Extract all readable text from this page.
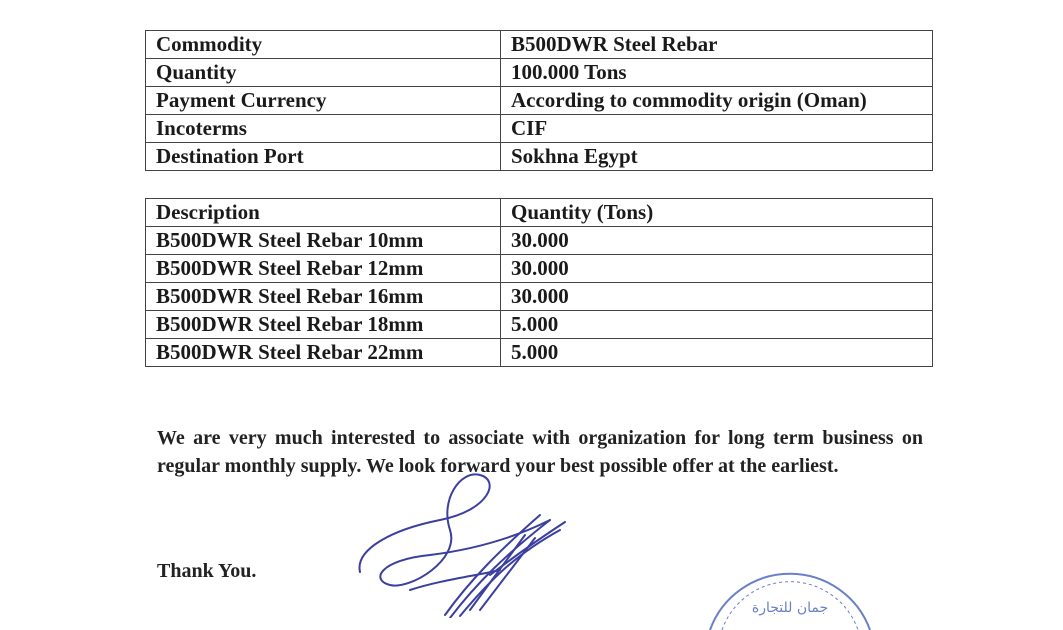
Commodity	B500DWR Steel Rebar
Quantity	100.000 Tons
Payment Currency	According to commodity origin (Oman)
Incoterms	CIF
Destination Port	Sokhna Egypt
Description	Quantity (Tons)
B500DWR Steel Rebar 10mm	30.000
B500DWR Steel Rebar 12mm	30.000
B500DWR Steel Rebar 16mm	30.000
B500DWR Steel Rebar 18mm	5.000
B500DWR Steel Rebar 22mm	5.000
We are very much interested to associate with organization for long term business on regular monthly supply. We look forward your best possible offer at the earliest.
Thank You.
جمان للتجارة
